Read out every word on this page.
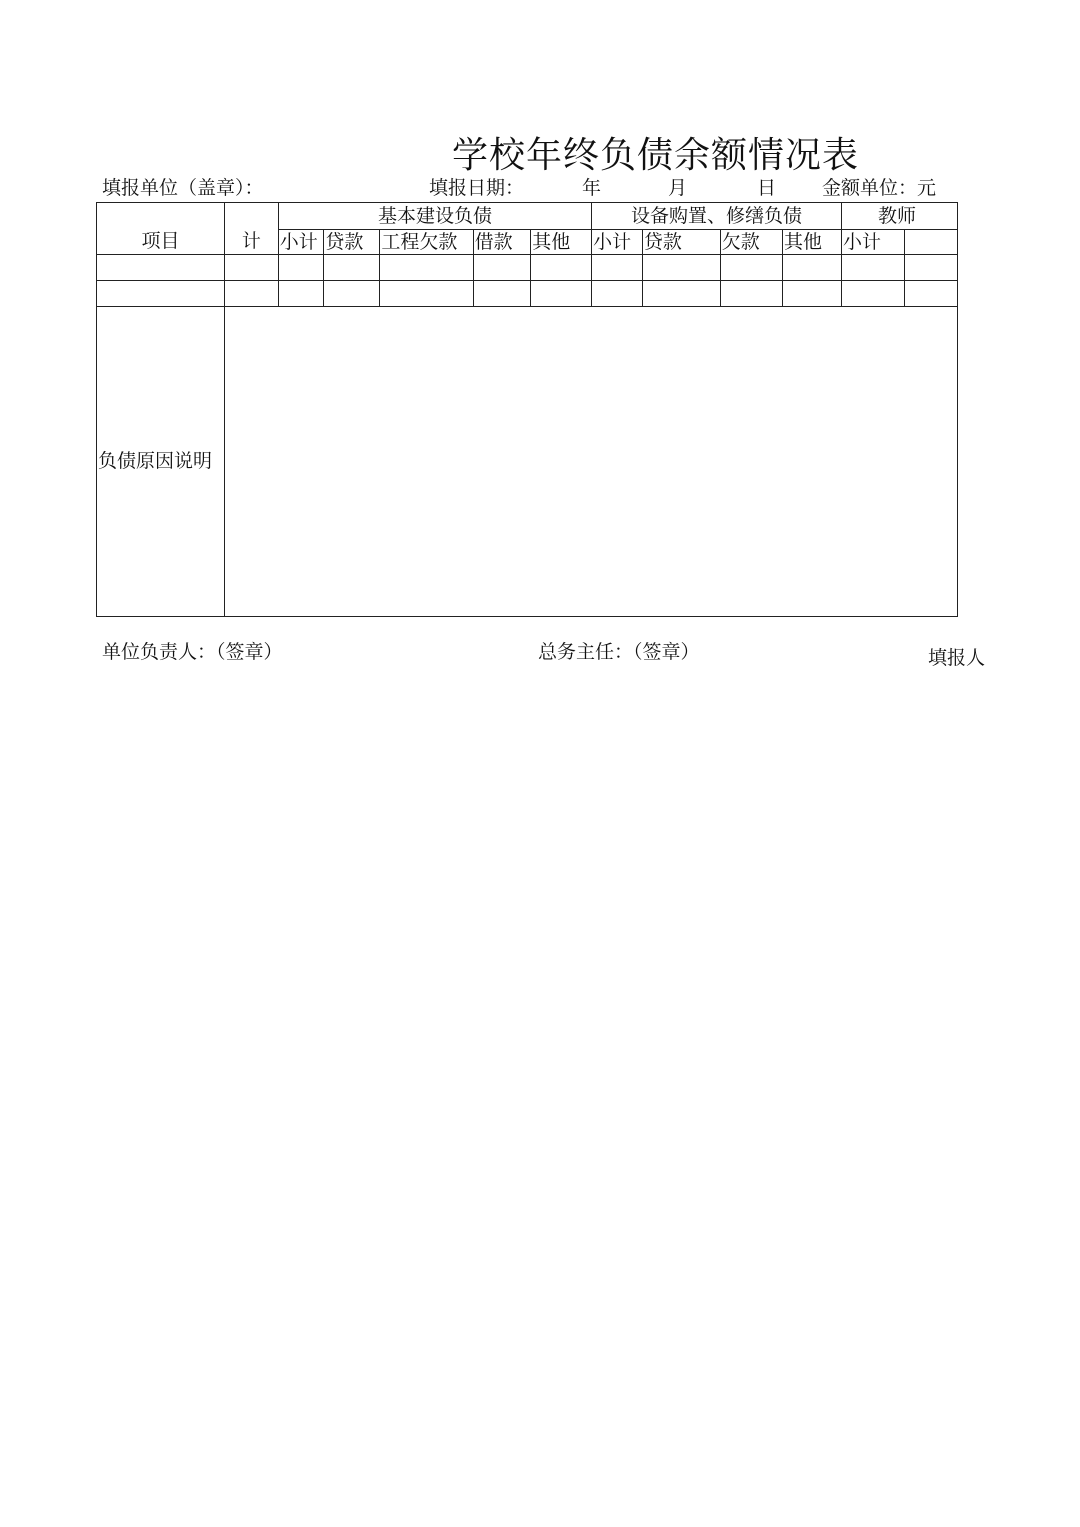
学校年终负债余额情况表
填报单位（盖章）：	填报日期：	年	月	日 金额单位：元
项目	计	基本建设负债					设备购置、修缮负债				教师	
		小计	贷款	工程欠款	借款	其他	小计	贷款	欠款	其他	小计	

负债原因说明												
单位负责人：（签章）	总务主任：（签章）	填报人
